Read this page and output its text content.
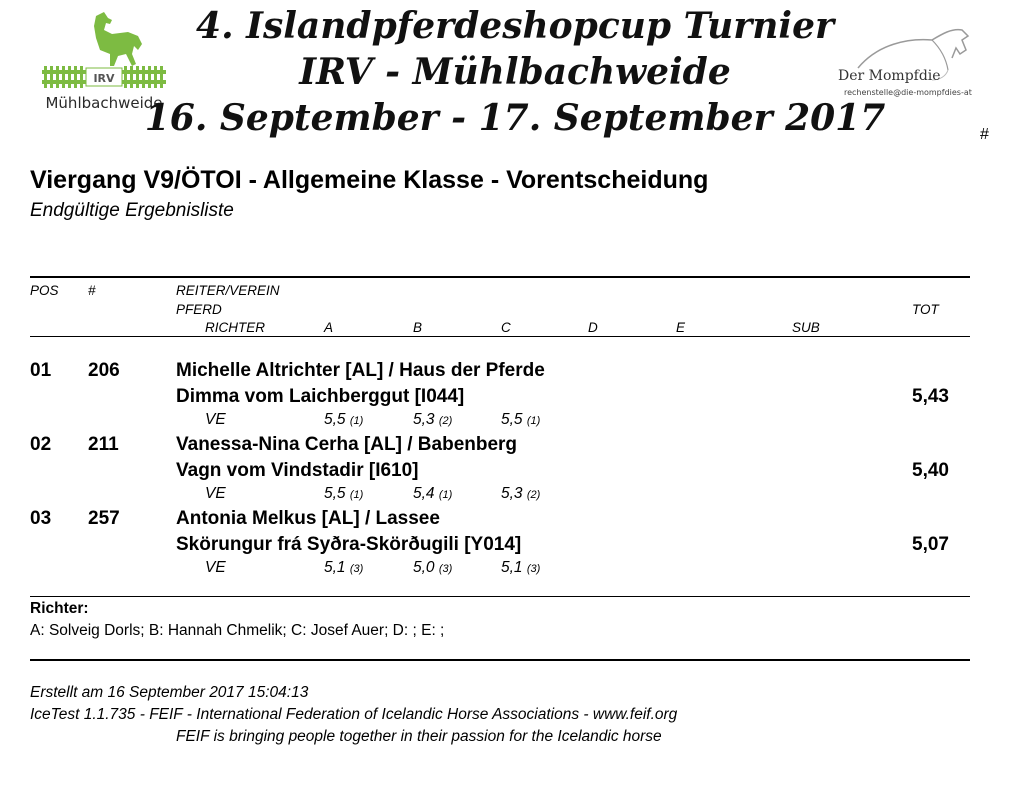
IRV
Mühlbachweide
Der Mompfdie
rechenstelle@die-mompfdies-at
4. Islandpferdeshopcup Turnier
IRV - Mühlbachweide
16. September - 17. September 2017	#
Viergang V9/ÖTOI - Allgemeine Klasse - Vorentscheidung
Endgültige Ergebnisliste
POS #	REITER/VEREIN
PFERD	TOT
RICHTER	A	B	C	D	E	SUB
01 206	Michelle Altrichter [AL] / Haus der Pferde
Dimma vom Laichberggut [I044]	5,43
VE	5,5 (1)	5,3 (2)	5,5 (1)
02 211	Vanessa-Nina Cerha [AL] / Babenberg
Vagn vom Vindstadir [I610]	5,40
VE	5,5 (1)	5,4 (1)	5,3 (2)
03 257	Antonia Melkus [AL] / Lassee
Skörungur frá Syðra-Skörðugili [Y014]	5,07
VE	5,1 (3)	5,0 (3)	5,1 (3)
Richter:
A: Solveig Dorls; B: Hannah Chmelik; C: Josef Auer; D: ; E: ;
Erstellt am 16 September 2017 15:04:13
IceTest 1.1.735 - FEIF - International Federation of Icelandic Horse Associations - www.feif.org
FEIF is bringing people together in their passion for the Icelandic horse
